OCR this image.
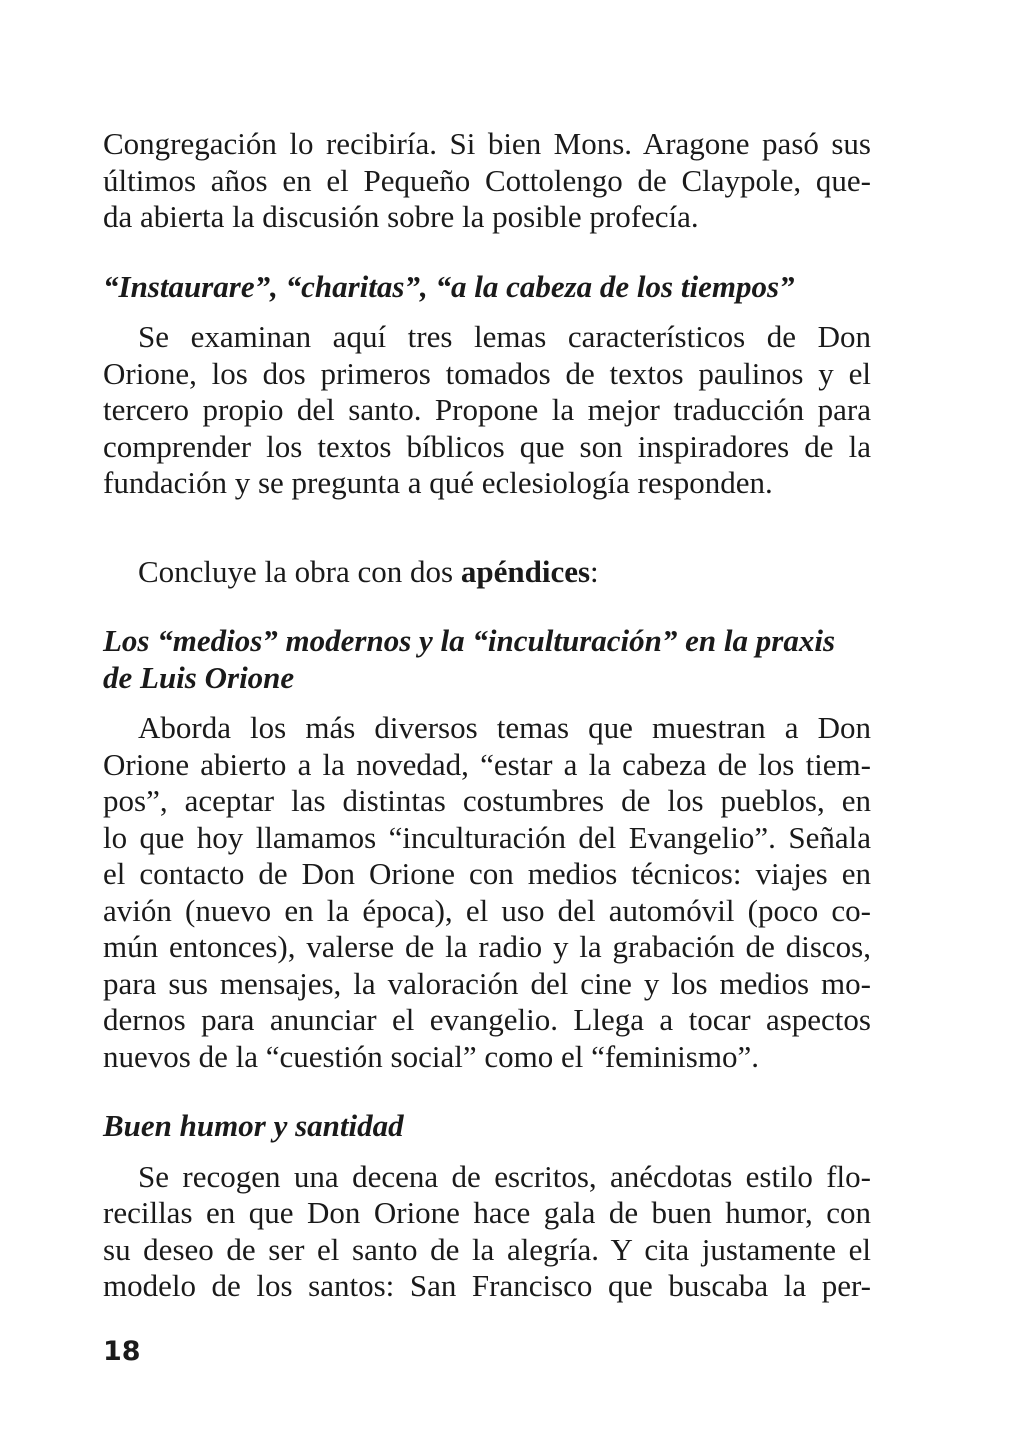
Congregación lo recibiría. Si bien Mons. Aragone pasó sus
últimos años en el Pequeño Cottolengo de Claypole, que-
da abierta la discusión sobre la posible profecía.
“Instaurare”, “charitas”, “a la cabeza de los tiempos”
Se examinan aquí tres lemas característicos de Don
Orione, los dos primeros tomados de textos paulinos y el
tercero propio del santo. Propone la mejor traducción para
comprender los textos bíblicos que son inspiradores de la
fundación y se pregunta a qué eclesiología responden.
Concluye la obra con dos apéndices:
Los “medios” modernos y la “inculturación” en la praxis
de Luis Orione
Aborda los más diversos temas que muestran a Don
Orione abierto a la novedad, “estar a la cabeza de los tiem-
pos”, aceptar las distintas costumbres de los pueblos, en
lo que hoy llamamos “inculturación del Evangelio”. Señala
el contacto de Don Orione con medios técnicos: viajes en
avión (nuevo en la época), el uso del automóvil (poco co-
mún entonces), valerse de la radio y la grabación de discos,
para sus mensajes, la valoración del cine y los medios mo-
dernos para anunciar el evangelio. Llega a tocar aspectos
nuevos de la “cuestión social” como el “feminismo”.
Buen humor y santidad
Se recogen una decena de escritos, anécdotas estilo flo-
recillas en que Don Orione hace gala de buen humor, con
su deseo de ser el santo de la alegría. Y cita justamente el
modelo de los santos: San Francisco que buscaba la per-
18
